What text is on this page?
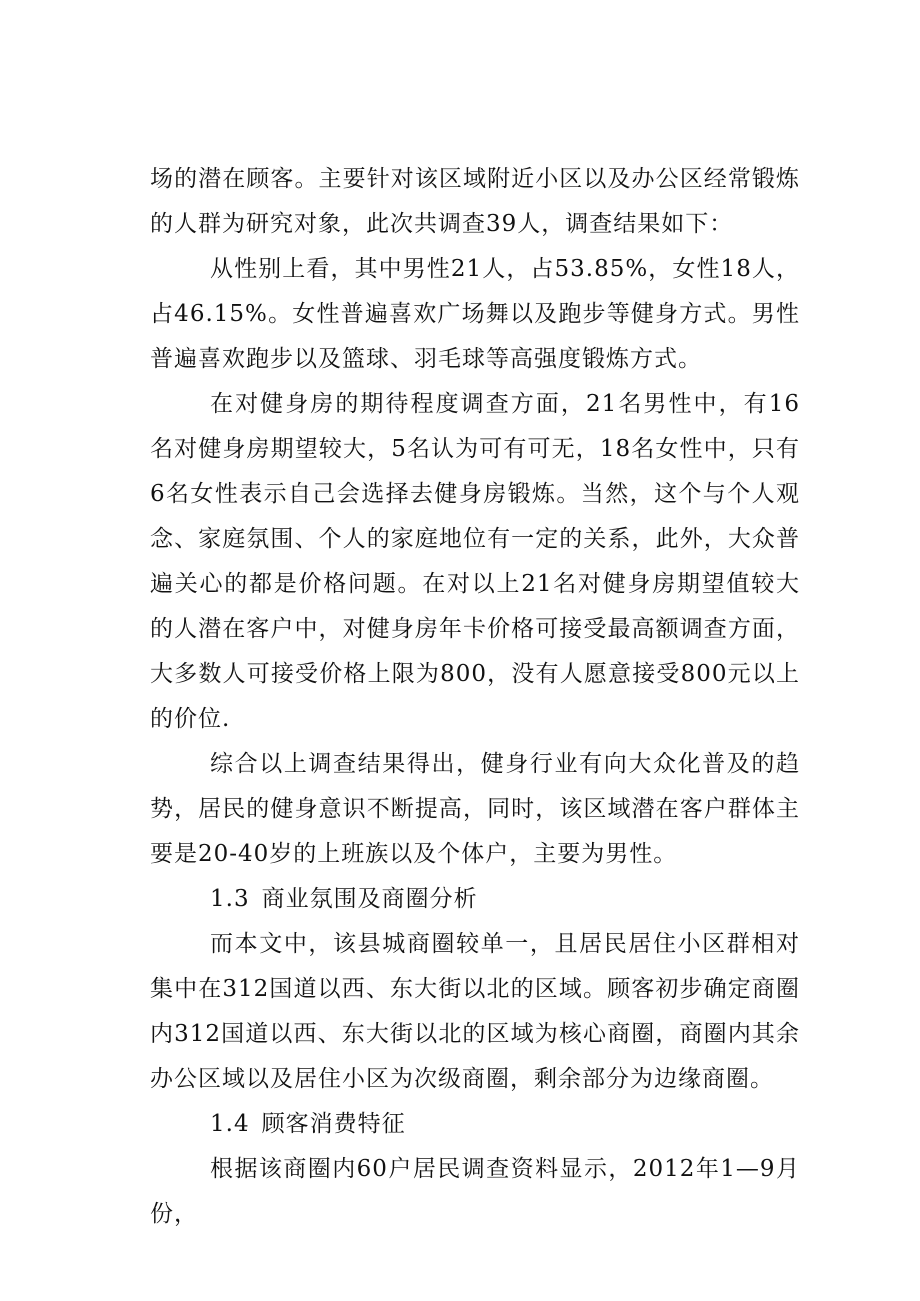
场的潜在顾客。主要针对该区域附近小区以及办公区经常锻炼的人群为研究对象，此次共调查39人，调查结果如下：

从性别上看，其中男性21人，占53.85%，女性18人，占46.15%。女性普遍喜欢广场舞以及跑步等健身方式。男性普遍喜欢跑步以及篮球、羽毛球等高强度锻炼方式。

在对健身房的期待程度调查方面，21名男性中，有16名对健身房期望较大，5名认为可有可无，18名女性中，只有6名女性表示自己会选择去健身房锻炼。当然，这个与个人观念、家庭氛围、个人的家庭地位有一定的关系，此外，大众普遍关心的都是价格问题。在对以上21名对健身房期望值较大的人潜在客户中，对健身房年卡价格可接受最高额调查方面，大多数人可接受价格上限为800，没有人愿意接受800元以上的价位.

综合以上调查结果得出，健身行业有向大众化普及的趋势，居民的健身意识不断提高，同时，该区域潜在客户群体主要是20-40岁的上班族以及个体户，主要为男性。

1.3 商业氛围及商圈分析

而本文中，该县城商圈较单一，且居民居住小区群相对集中在312国道以西、东大街以北的区域。顾客初步确定商圈内312国道以西、东大街以北的区域为核心商圈，商圈内其余办公区域以及居住小区为次级商圈，剩余部分为边缘商圈。

1.4 顾客消费特征

根据该商圈内60户居民调查资料显示，2012年1—9月份，
